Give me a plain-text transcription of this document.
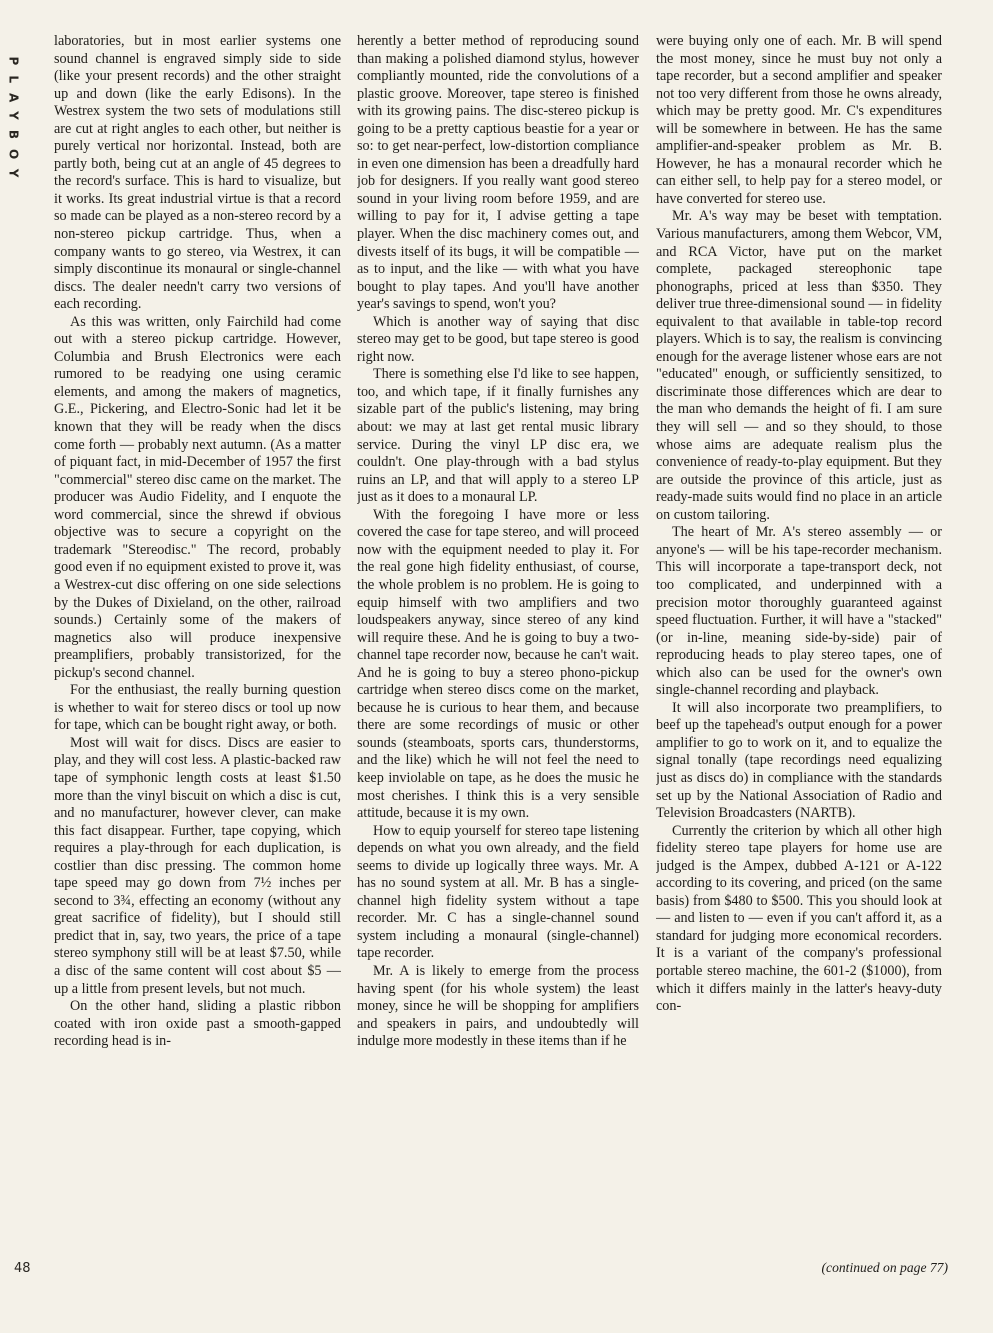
PLAYBOY
48

laboratories, but in most earlier systems one sound channel is engraved simply side to side (like your present records) and the other straight up and down (like the early Edisons). In the Westrex system the two sets of modulations still are cut at right angles to each other, but neither is purely vertical nor horizontal. Instead, both are partly both, being cut at an angle of 45 degrees to the record's surface. This is hard to visualize, but it works. Its great industrial virtue is that a record so made can be played as a non-stereo record by a non-stereo pickup cartridge. Thus, when a company wants to go stereo, via Westrex, it can simply discontinue its monaural or single-channel discs. The dealer needn't carry two versions of each recording.

As this was written, only Fairchild had come out with a stereo pickup cartridge. However, Columbia and Brush Electronics were each rumored to be readying one using ceramic elements, and among the makers of magnetics, G.E., Pickering, and Electro-Sonic had let it be known that they will be ready when the discs come forth — probably next autumn. (As a matter of piquant fact, in mid-December of 1957 the first "commercial" stereo disc came on the market. The producer was Audio Fidelity, and I enquote the word commercial, since the shrewd if obvious objective was to secure a copyright on the trademark "Stereodisc." The record, probably good even if no equipment existed to prove it, was a Westrex-cut disc offering on one side selections by the Dukes of Dixieland, on the other, railroad sounds.) Certainly some of the makers of magnetics also will produce inexpensive preamplifiers, probably transistorized, for the pickup's second channel.

For the enthusiast, the really burning question is whether to wait for stereo discs or tool up now for tape, which can be bought right away, or both.

Most will wait for discs. Discs are easier to play, and they will cost less. A plastic-backed raw tape of symphonic length costs at least $1.50 more than the vinyl biscuit on which a disc is cut, and no manufacturer, however clever, can make this fact disappear. Further, tape copying, which requires a play-through for each duplication, is costlier than disc pressing. The common home tape speed may go down from 7½ inches per second to 3¾, effecting an economy (without any great sacrifice of fidelity), but I should still predict that in, say, two years, the price of a tape stereo symphony still will be at least $7.50, while a disc of the same content will cost about $5 — up a little from present levels, but not much.

On the other hand, sliding a plastic ribbon coated with iron oxide past a smooth-gapped recording head is in-

herently a better method of reproducing sound than making a polished diamond stylus, however compliantly mounted, ride the convolutions of a plastic groove. Moreover, tape stereo is finished with its growing pains. The disc-stereo pickup is going to be a pretty captious beastie for a year or so: to get near-perfect, low-distortion compliance in even one dimension has been a dreadfully hard job for designers. If you really want good stereo sound in your living room before 1959, and are willing to pay for it, I advise getting a tape player. When the disc machinery comes out, and divests itself of its bugs, it will be compatible — as to input, and the like — with what you have bought to play tapes. And you'll have another year's savings to spend, won't you?

Which is another way of saying that disc stereo may get to be good, but tape stereo is good right now.

There is something else I'd like to see happen, too, and which tape, if it finally furnishes any sizable part of the public's listening, may bring about: we may at last get rental music library service. During the vinyl LP disc era, we couldn't. One play-through with a bad stylus ruins an LP, and that will apply to a stereo LP just as it does to a monaural LP.

With the foregoing I have more or less covered the case for tape stereo, and will proceed now with the equipment needed to play it. For the real gone high fidelity enthusiast, of course, the whole problem is no problem. He is going to equip himself with two amplifiers and two loudspeakers anyway, since stereo of any kind will require these. And he is going to buy a two-channel tape recorder now, because he can't wait. And he is going to buy a stereo phono-pickup cartridge when stereo discs come on the market, because he is curious to hear them, and because there are some recordings of music or other sounds (steamboats, sports cars, thunderstorms, and the like) which he will not feel the need to keep inviolable on tape, as he does the music he most cherishes. I think this is a very sensible attitude, because it is my own.

How to equip yourself for stereo tape listening depends on what you own already, and the field seems to divide up logically three ways. Mr. A has no sound system at all. Mr. B has a single-channel high fidelity system without a tape recorder. Mr. C has a single-channel sound system including a monaural (single-channel) tape recorder.

Mr. A is likely to emerge from the process having spent (for his whole system) the least money, since he will be shopping for amplifiers and speakers in pairs, and undoubtedly will indulge more modestly in these items than if he

were buying only one of each. Mr. B will spend the most money, since he must buy not only a tape recorder, but a second amplifier and speaker not too very different from those he owns already, which may be pretty good. Mr. C's expenditures will be somewhere in between. He has the same amplifier-and-speaker problem as Mr. B. However, he has a monaural recorder which he can either sell, to help pay for a stereo model, or have converted for stereo use.

Mr. A's way may be beset with temptation. Various manufacturers, among them Webcor, VM, and RCA Victor, have put on the market complete, packaged stereophonic tape phonographs, priced at less than $350. They deliver true three-dimensional sound — in fidelity equivalent to that available in table-top record players. Which is to say, the realism is convincing enough for the average listener whose ears are not "educated" enough, or sufficiently sensitized, to discriminate those differences which are dear to the man who demands the height of fi. I am sure they will sell — and so they should, to those whose aims are adequate realism plus the convenience of ready-to-play equipment. But they are outside the province of this article, just as ready-made suits would find no place in an article on custom tailoring.

The heart of Mr. A's stereo assembly — or anyone's — will be his tape-recorder mechanism. This will incorporate a tape-transport deck, not too complicated, and underpinned with a precision motor thoroughly guaranteed against speed fluctuation. Further, it will have a "stacked" (or in-line, meaning side-by-side) pair of reproducing heads to play stereo tapes, one of which also can be used for the owner's own single-channel recording and playback.

It will also incorporate two preamplifiers, to beef up the tapehead's output enough for a power amplifier to go to work on it, and to equalize the signal tonally (tape recordings need equalizing just as discs do) in compliance with the standards set up by the National Association of Radio and Television Broadcasters (NARTB).

Currently the criterion by which all other high fidelity stereo tape players for home use are judged is the Ampex, dubbed A-121 or A-122 according to its covering, and priced (on the same basis) from $480 to $500. This you should look at — and listen to — even if you can't afford it, as a standard for judging more economical recorders. It is a variant of the company's professional portable stereo machine, the 601-2 ($1000), from which it differs mainly in the latter's heavy-duty con-

(continued on page 77)
